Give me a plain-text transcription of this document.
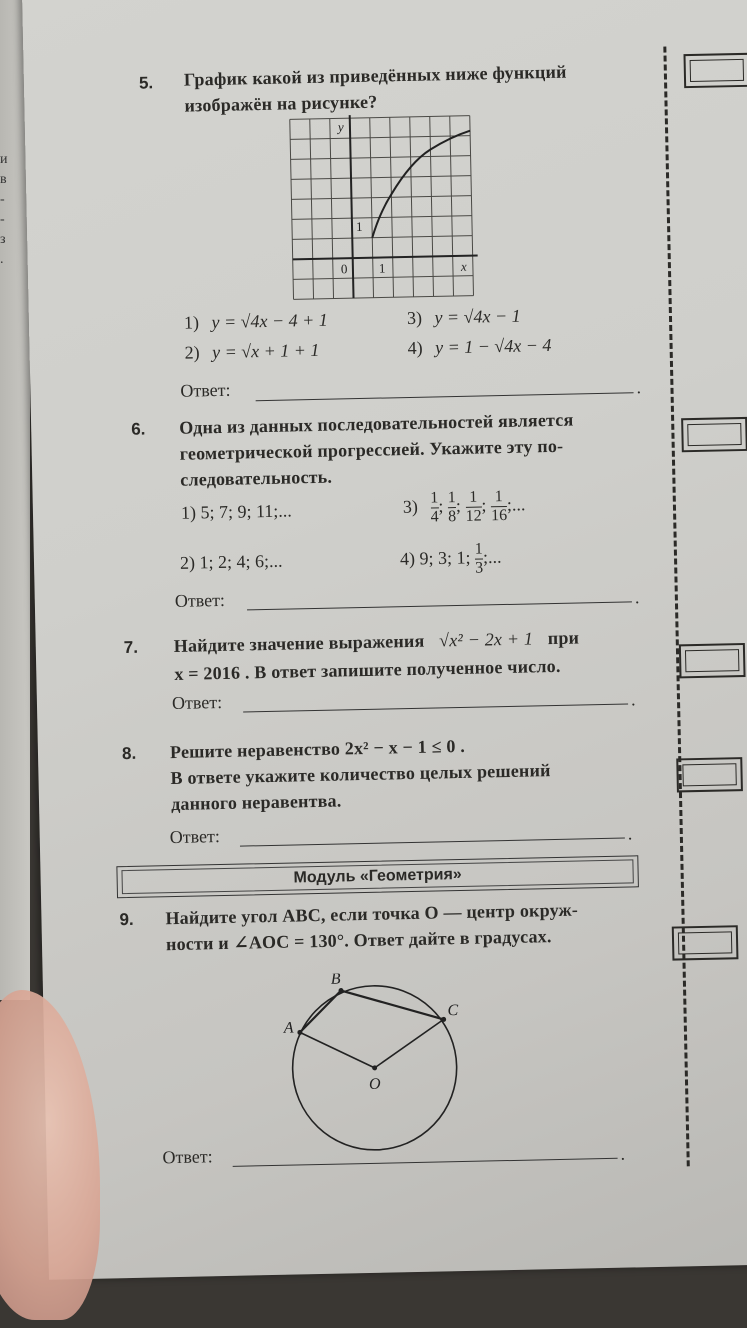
и
в
-
-
з
.
5. График какой из приведённых ниже функций
изображён на рисунке?
y
x
0 1
1
1) y = √4x − 4 + 1	3) y = √4x − 1
2) y = √x + 1 + 1	4) y = 1 − √4x − 4
Ответ:	.
6. Одна из данных последовательностей является
геометрической прогрессией. Укажите эту по-
следовательность.
1) 5; 7; 9; 11;...	$3) \frac{1}{4}$ ; $\frac{1}{8}$ ; $\frac{1}{12}$ ; $\frac{1}{16}$ ;...
2) 1; 2; 4; 6;...	4) 9; 3; 1; $\frac{1}{3}$ ;...
Ответ:	.
7. Найдите значение выражения √x² − 2x + 1 при
x = 2016 . В ответ запишите полученное число.
Ответ:	.
8. Решите неравенство 2x² − x − 1 ≤ 0 .
В ответе укажите количество целых решений
данного неравентва.
Ответ:	.
Модуль «Геометрия»
9. Найдите угол ABC, если точка O — центр окруж-
ности и ∠AOC = 130°. Ответ дайте в градусах.
A
B
C
O
Ответ:	.
